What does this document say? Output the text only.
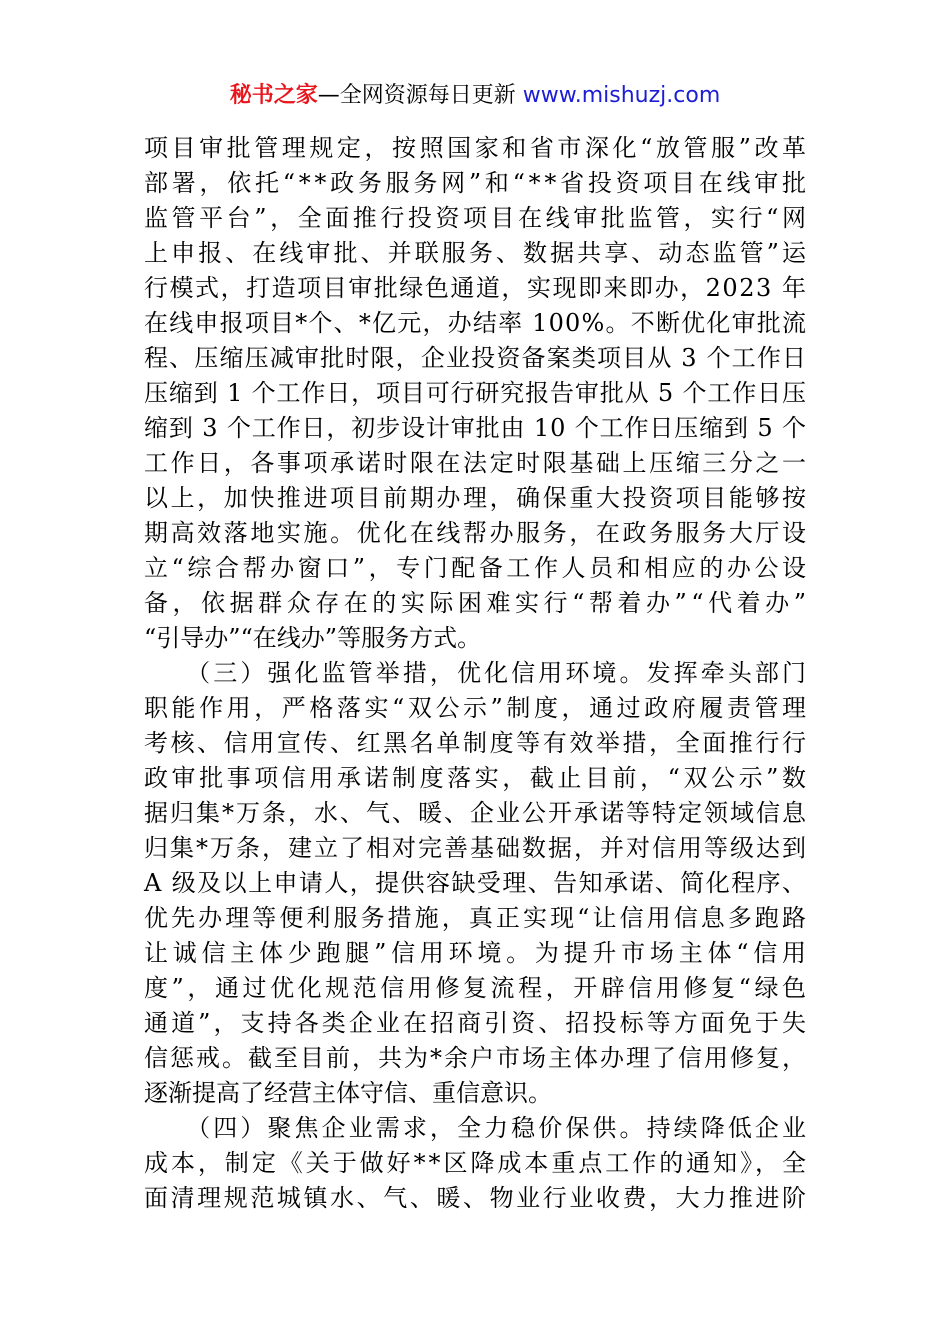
秘书之家—全网资源每日更新 www.mishuzj.com
项目审批管理规定，按照国家和省市深化“放管服”改革
部署，依托“**政务服务网”和“**省投资项目在线审批
监管平台”，全面推行投资项目在线审批监管，实行“网
上申报、在线审批、并联服务、数据共享、动态监管”运
行模式，打造项目审批绿色通道，实现即来即办，2023 年
在线申报项目*个、*亿元，办结率 100%。不断优化审批流
程、压缩压减审批时限，企业投资备案类项目从 3 个工作日
压缩到 1 个工作日，项目可行研究报告审批从 5 个工作日压
缩到 3 个工作日，初步设计审批由 10 个工作日压缩到 5 个
工作日，各事项承诺时限在法定时限基础上压缩三分之一
以上，加快推进项目前期办理，确保重大投资项目能够按
期高效落地实施。优化在线帮办服务，在政务服务大厅设
立“综合帮办窗口”，专门配备工作人员和相应的办公设
备，依据群众存在的实际困难实行“帮着办”“代着办”
“引导办”“在线办”等服务方式。
　　（三）强化监管举措，优化信用环境。发挥牵头部门
职能作用，严格落实“双公示”制度，通过政府履责管理
考核、信用宣传、红黑名单制度等有效举措，全面推行行
政审批事项信用承诺制度落实，截止目前，“双公示”数
据归集*万条，水、气、暖、企业公开承诺等特定领域信息
归集*万条，建立了相对完善基础数据，并对信用等级达到
A 级及以上申请人，提供容缺受理、告知承诺、简化程序、
优先办理等便利服务措施，真正实现“让信用信息多跑路
让诚信主体少跑腿”信用环境。为提升市场主体“信用
度”，通过优化规范信用修复流程，开辟信用修复“绿色
通道”，支持各类企业在招商引资、招投标等方面免于失
信惩戒。截至目前，共为*余户市场主体办理了信用修复，
逐渐提高了经营主体守信、重信意识。
　　（四）聚焦企业需求，全力稳价保供。持续降低企业
成本，制定《关于做好**区降成本重点工作的通知》，全
面清理规范城镇水、气、暖、物业行业收费，大力推进阶
